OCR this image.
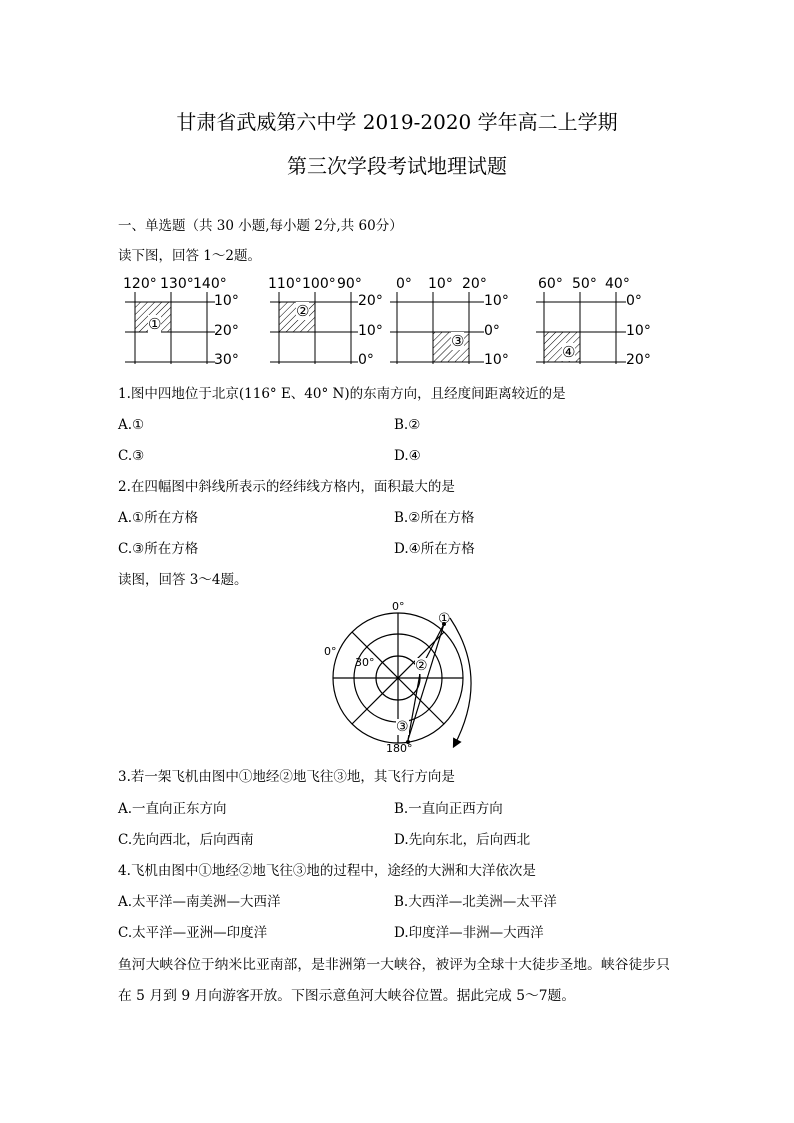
甘肃省武威第六中学 2019-2020 学年高二上学期
第三次学段考试地理试题
一、单选题（共 30 小题,每小题 2分,共 60分）
读下图，回答 1～2题。
120° 130° 140°
10°
20°
30°
①
110° 100° 90°
20°
10°
0°
②
0° 10° 20°
10°
0°
10°
③
60° 50° 40°
0°
10°
20°
④
1.图中四地位于北京(116° E、40° N)的东南方向，且经度间距离较近的是
A.①	B.②
C.③	D.④
2.在四幅图中斜线所表示的经纬线方格内，面积最大的是
A.①所在方格	B.②所在方格
C.③所在方格	D.④所在方格
读图，回答 3～4题。
0°
0°
30°
180°
①
②
③
3.若一架飞机由图中①地经②地飞往③地，其飞行方向是
A.一直向正东方向	B.一直向正西方向
C.先向西北，后向西南	D.先向东北，后向西北
4.飞机由图中①地经②地飞往③地的过程中，途经的大洲和大洋依次是
A.太平洋—南美洲—大西洋	B.大西洋—北美洲—太平洋
C.太平洋—亚洲—印度洋	D.印度洋—非洲—大西洋
鱼河大峡谷位于纳米比亚南部，是非洲第一大峡谷，被评为全球十大徒步圣地。峡谷徒步只
在 5 月到 9 月向游客开放。下图示意鱼河大峡谷位置。据此完成 5～7题。
